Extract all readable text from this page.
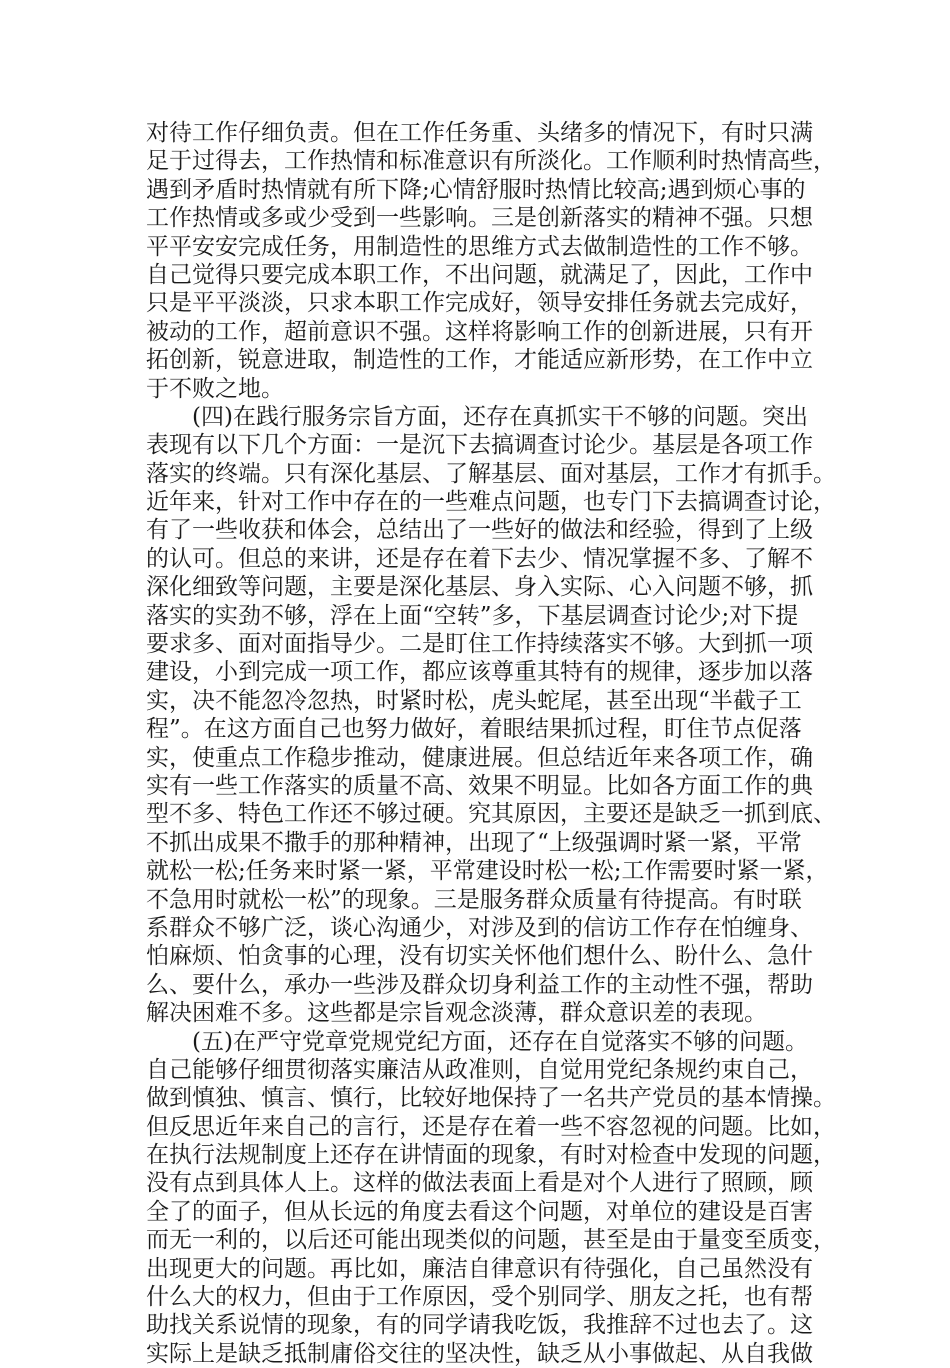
对待工作仔细负责。但在工作任务重、头绪多的情况下，有时只满
足于过得去，工作热情和标准意识有所淡化。工作顺利时热情高些，
遇到矛盾时热情就有所下降;心情舒服时热情比较高;遇到烦心事的
工作热情或多或少受到一些影响。三是创新落实的精神不强。只想
平平安安完成任务，用制造性的思维方式去做制造性的工作不够。
自己觉得只要完成本职工作，不出问题，就满足了，因此，工作中
只是平平淡淡，只求本职工作完成好，领导安排任务就去完成好，
被动的工作，超前意识不强。这样将影响工作的创新进展，只有开
拓创新，锐意进取，制造性的工作，才能适应新形势，在工作中立
于不败之地。
(四)在践行服务宗旨方面，还存在真抓实干不够的问题。突出
表现有以下几个方面：一是沉下去搞调查讨论少。基层是各项工作
落实的终端。只有深化基层、了解基层、面对基层，工作才有抓手。
近年来，针对工作中存在的一些难点问题，也专门下去搞调查讨论，
有了一些收获和体会，总结出了一些好的做法和经验，得到了上级
的认可。但总的来讲，还是存在着下去少、情况掌握不多、了解不
深化细致等问题，主要是深化基层、身入实际、心入问题不够，抓
落实的实劲不够，浮在上面“空转”多，下基层调查讨论少;对下提
要求多、面对面指导少。二是盯住工作持续落实不够。大到抓一项
建设，小到完成一项工作，都应该尊重其特有的规律，逐步加以落
实，决不能忽冷忽热，时紧时松，虎头蛇尾，甚至出现“半截子工
程”。在这方面自己也努力做好，着眼结果抓过程，盯住节点促落
实，使重点工作稳步推动，健康进展。但总结近年来各项工作，确
实有一些工作落实的质量不高、效果不明显。比如各方面工作的典
型不多、特色工作还不够过硬。究其原因，主要还是缺乏一抓到底、
不抓出成果不撒手的那种精神，出现了“上级强调时紧一紧，平常
就松一松;任务来时紧一紧，平常建设时松一松;工作需要时紧一紧，
不急用时就松一松”的现象。三是服务群众质量有待提高。有时联
系群众不够广泛，谈心沟通少，对涉及到的信访工作存在怕缠身、
怕麻烦、怕贪事的心理，没有切实关怀他们想什么、盼什么、急什
么、要什么，承办一些涉及群众切身利益工作的主动性不强，帮助
解决困难不多。这些都是宗旨观念淡薄，群众意识差的表现。
(五)在严守党章党规党纪方面，还存在自觉落实不够的问题。
自己能够仔细贯彻落实廉洁从政准则，自觉用党纪条规约束自己，
做到慎独、慎言、慎行，比较好地保持了一名共产党员的基本情操。
但反思近年来自己的言行，还是存在着一些不容忽视的问题。比如，
在执行法规制度上还存在讲情面的现象，有时对检查中发现的问题，
没有点到具体人上。这样的做法表面上看是对个人进行了照顾，顾
全了的面子，但从长远的角度去看这个问题，对单位的建设是百害
而无一利的，以后还可能出现类似的问题，甚至是由于量变至质变，
出现更大的问题。再比如，廉洁自律意识有待强化，自己虽然没有
什么大的权力，但由于工作原因，受个别同学、朋友之托，也有帮
助找关系说情的现象，有的同学请我吃饭，我推辞不过也去了。这
实际上是缺乏抵制庸俗交往的坚决性，缺乏从小事做起、从自我做
